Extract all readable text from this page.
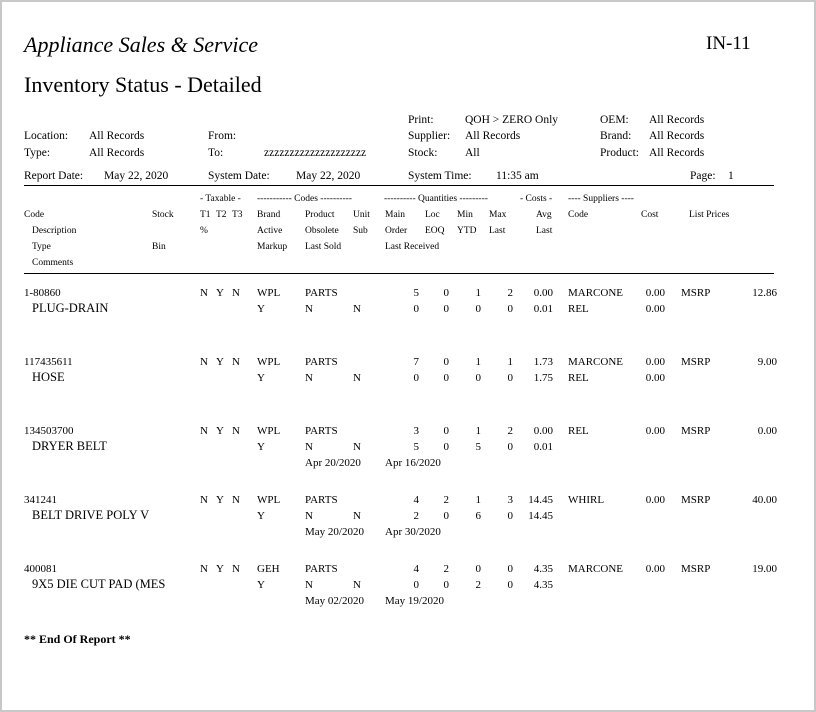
Appliance Sales & Service	IN-11
Inventory Status - Detailed
Location: All Records
Type:	All Records
From:
To:	zzzzzzzzzzzzzzzzzzzz
Print:	QOH > ZERO Only
Supplier: All Records
Stock: All
OEM: All Records
Brand: All Records
Product: All Records
Report Date: May 22, 2020	System Date: May 22, 2020	System Time: 11:35 am	Page: 1
- Taxable - ----------- Codes ----------	---------- Quantities ---------	- Costs - ---- Suppliers ----
Code	Stock	T1 T2 T3 Brand	Product Unit Main Loc Min Max	Avg Code	Cost	List Prices
Description	%	Active Obsolete Sub Order EOQ YTD Last	Last
Type	Bin	Markup Last Sold	Last Received
Comments
1-80860	N Y N WPL PARTS	5	0	1	2	0.00 MARCONE	0.00 MSRP	12.86
PLUG-DRAIN	Y	N	N	0	0	0	0	0.01 REL	0.00
117435611	N Y N WPL PARTS	7	0	1	1	1.73 MARCONE	0.00 MSRP	9.00
HOSE	Y	N	N	0	0	0	0	1.75 REL	0.00
134503700	N Y N WPL PARTS	3	0	1	2	0.00 REL	0.00 MSRP	0.00
DRYER BELT	Y	N	N	5	0	5	0	0.01
Apr 20/2020 Apr 16/2020
341241	N Y N WPL PARTS	4	2	1	3	14.45 WHIRL	0.00 MSRP	40.00
BELT DRIVE POLY V	Y	N	N	2	0	6	0	14.45
May 20/2020 Apr 30/2020
400081	N Y N GEH PARTS	4	2	0	0	4.35 MARCONE	0.00 MSRP	19.00
9X5 DIE CUT PAD (MES	Y	N	N	0	0	2	0	4.35
May 02/2020 May 19/2020
** End Of Report **
